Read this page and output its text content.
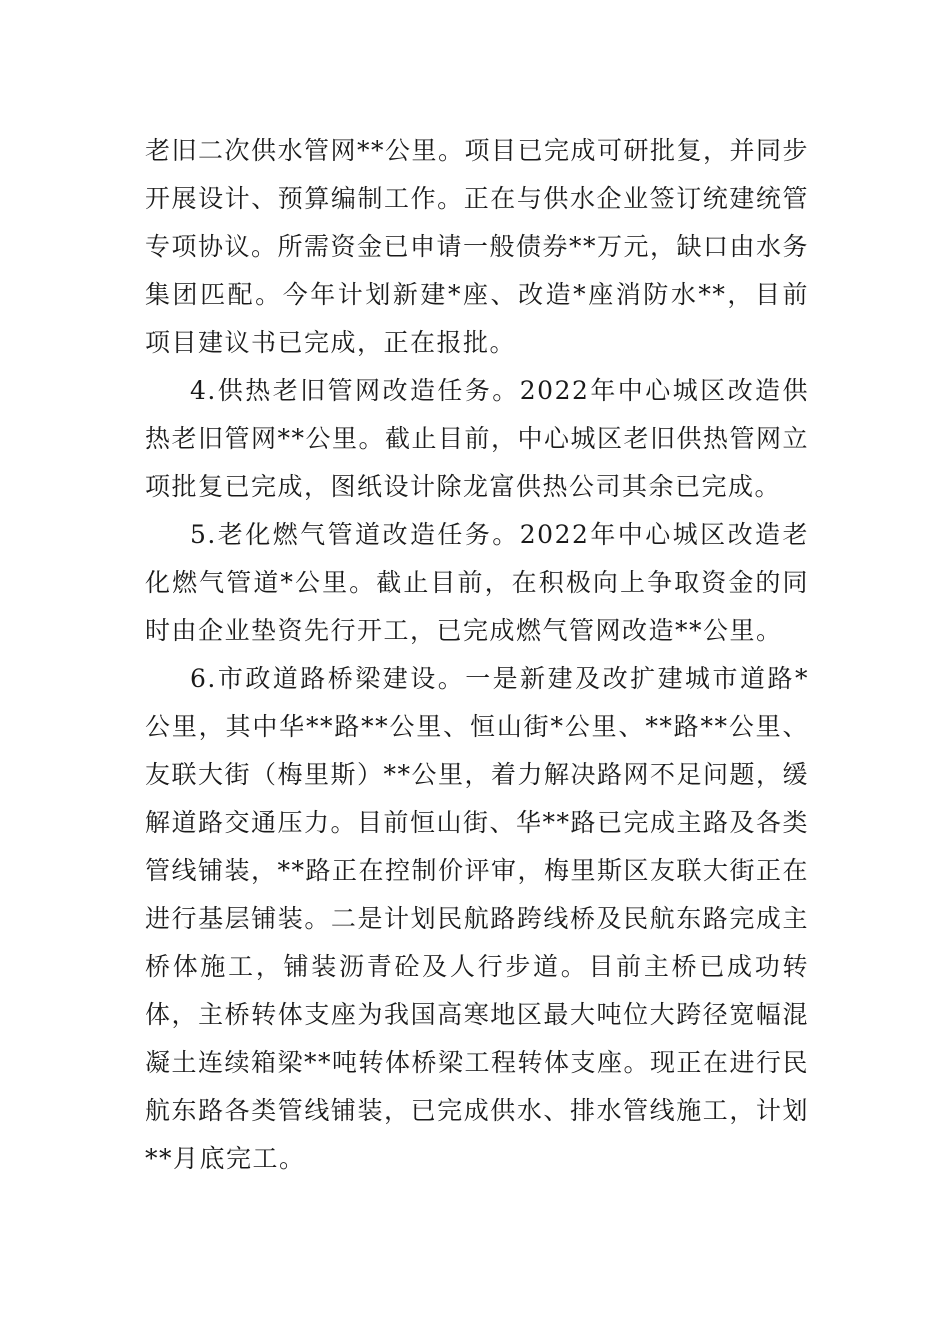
老旧二次供水管网**公里。项目已完成可研批复，并同步开展设计、预算编制工作。正在与供水企业签订统建统管专项协议。所需资金已申请一般债券**万元，缺口由水务集团匹配。今年计划新建*座、改造*座消防水**，目前项目建议书已完成，正在报批。

4.供热老旧管网改造任务。2022年中心城区改造供热老旧管网**公里。截止目前，中心城区老旧供热管网立项批复已完成，图纸设计除龙富供热公司其余已完成。

5.老化燃气管道改造任务。2022年中心城区改造老化燃气管道*公里。截止目前，在积极向上争取资金的同时由企业垫资先行开工，已完成燃气管网改造**公里。

6.市政道路桥梁建设。一是新建及改扩建城市道路*公里，其中华**路**公里、恒山街*公里、**路**公里、友联大街（梅里斯）**公里，着力解决路网不足问题，缓解道路交通压力。目前恒山街、华**路已完成主路及各类管线铺装，**路正在控制价评审，梅里斯区友联大街正在进行基层铺装。二是计划民航路跨线桥及民航东路完成主桥体施工，铺装沥青砼及人行步道。目前主桥已成功转体，主桥转体支座为我国高寒地区最大吨位大跨径宽幅混凝土连续箱梁**吨转体桥梁工程转体支座。现正在进行民航东路各类管线铺装，已完成供水、排水管线施工，计划**月底完工。
